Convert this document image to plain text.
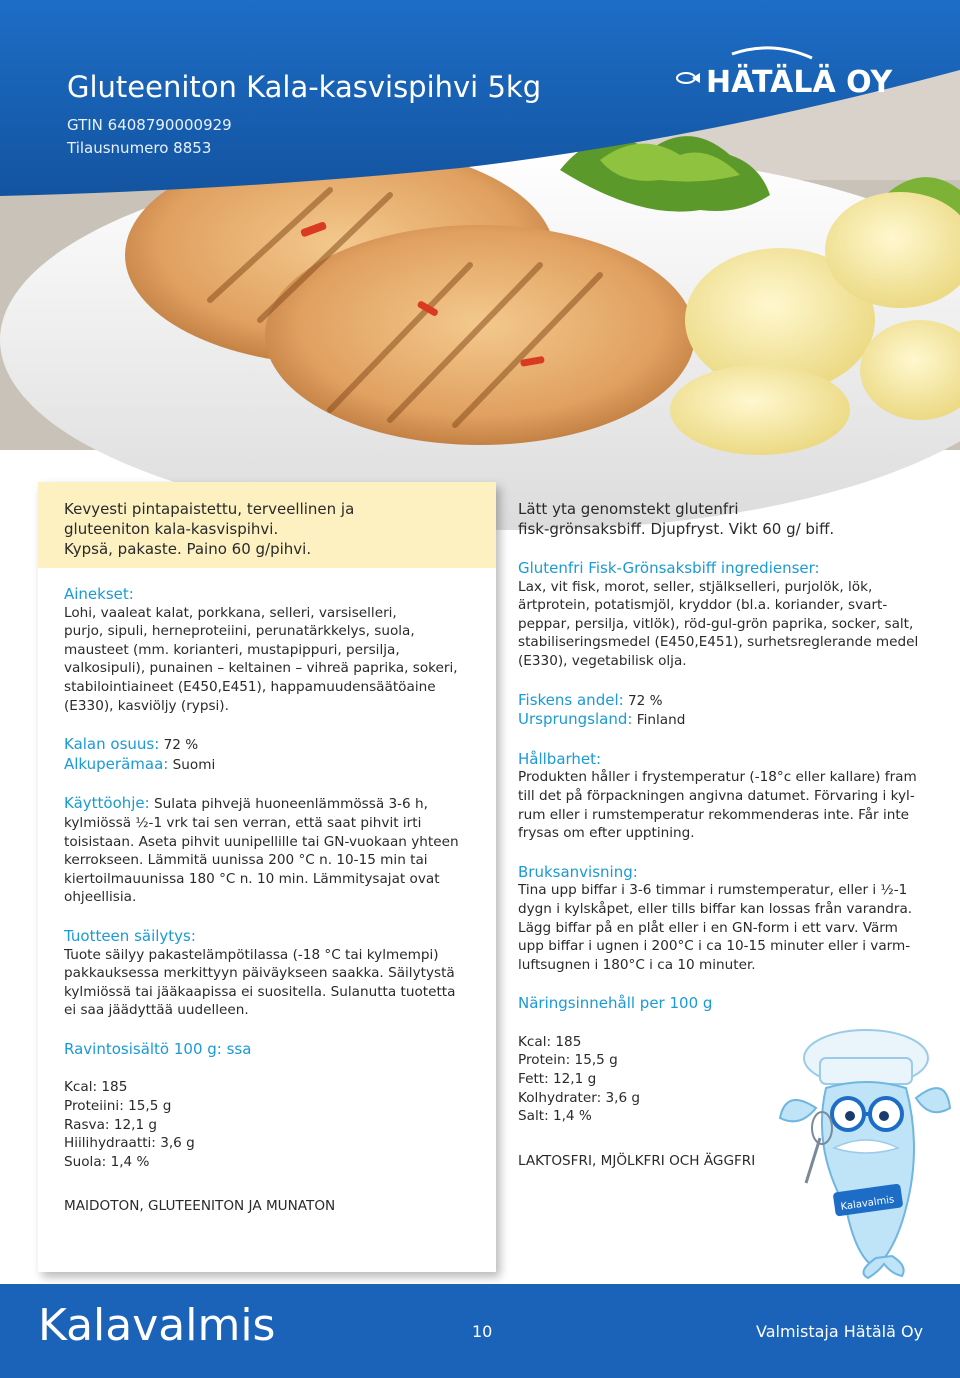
Gluteeniton Kala-kasvispihvi 5kg
GTIN 6408790000929
Tilausnumero 8853
HÄTÄLÄ OY

Kevyesti pintapaistettu, terveellinen ja

gluteeniton kala-kasvispihvi.

Kypsä, pakaste. Paino 60 g/pihvi.

Ainekset:

Lohi, vaaleat kalat, porkkana, selleri, varsiselleri,

purjo, sipuli, herneproteiini, perunatärkkelys, suola,

mausteet (mm. korianteri, mustapippuri, persilja,

valkosipuli), punainen – keltainen – vihreä paprika, sokeri,

stabilointiaineet (E450,E451), happamuudensäätöaine

(E330), kasviöljy (rypsi).

Kalan osuus: 72 %

Alkuperämaa: Suomi

Käyttöohje: Sulata pihvejä huoneenlämmössä 3-6 h,

kylmiössä ½-1 vrk tai sen verran, että saat pihvit irti

toisistaan. Aseta pihvit uunipellille tai GN-vuokaan yhteen

kerrokseen. Lämmitä uunissa 200 °C n. 10-15 min tai

kiertoilmauunissa 180 °C n. 10 min. Lämmitysajat ovat

ohjeellisia.

Tuotteen säilytys:

Tuote säilyy pakastelämpötilassa (-18 °C tai kylmempi)

pakkauksessa merkittyyn päiväykseen saakka. Säilytystä

kylmiössä tai jääkaapissa ei suositella. Sulanutta tuotetta

ei saa jäädyttää uudelleen.

Ravintosisältö 100 g: ssa

Kcal: 185

Proteiini: 15,5 g

Rasva: 12,1 g

Hiilihydraatti: 3,6 g

Suola: 1,4 %

MAIDOTON, GLUTEENITON JA MUNATON

Lätt yta genomstekt glutenfri

fisk-grönsaksbiff. Djupfryst. Vikt 60 g/ biff.

Glutenfri Fisk-Grönsaksbiff ingredienser:

Lax, vit fisk, morot, seller, stjälkselleri, purjolök, lök,

ärtprotein, potatismjöl, kryddor (bl.a. koriander, svart-

peppar, persilja, vitlök), röd-gul-grön paprika, socker, salt,

stabiliseringsmedel (E450,E451), surhetsreglerande medel

(E330), vegetabilisk olja.

Fiskens andel: 72 %

Ursprungsland: Finland

Hållbarhet:

Produkten håller i frystemperatur (-18°c eller kallare) fram

till det på förpackningen angivna datumet. Förvaring i kyl-

rum eller i rumstemperatur rekommenderas inte. Får inte

frysas om efter upptining.

Bruksanvisning:

Tina upp biffar i 3-6 timmar i rumstemperatur, eller i ½-1

dygn i kylskåpet, eller tills biffar kan lossas från varandra.

Lägg biffar på en plåt eller i en GN-form i ett varv. Värm

upp biffar i ugnen i 200°C i ca 10-15 minuter eller i varm-

luftsugnen i 180°C i ca 10 minuter.

Näringsinnehåll per 100 g

Kcal: 185

Protein: 15,5 g

Fett: 12,1 g

Kolhydrater: 3,6 g

Salt: 1,4 %

LAKTOSFRI, MJÖLKFRI OCH ÄGGFRI

Kalavalmis
Kalavalmis	10	Valmistaja Hätälä Oy
